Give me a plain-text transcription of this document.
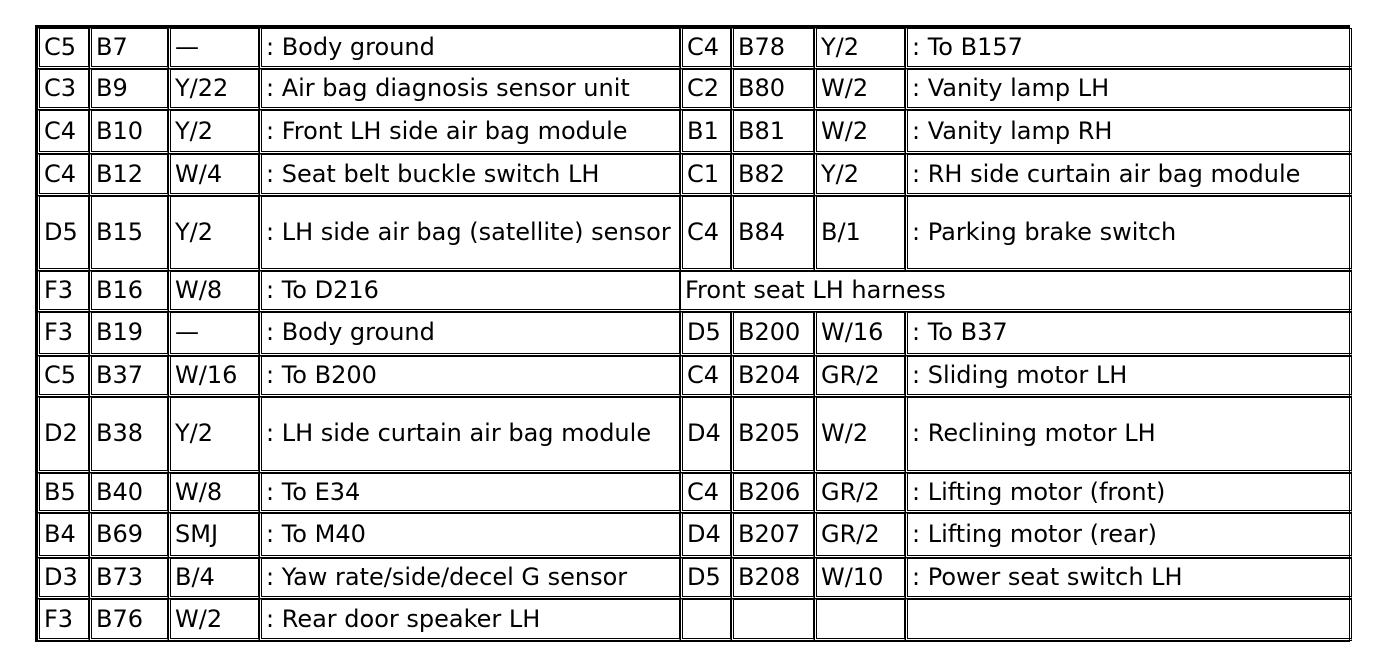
C5	B7	—	: Body ground	C4	B78	Y/2	: To B157
C3	B9	Y/22	: Air bag diagnosis sensor unit	C2	B80	W/2	: Vanity lamp LH
C4	B10	Y/2	: Front LH side air bag module	B1	B81	W/2	: Vanity lamp RH
C4	B12	W/4	: Seat belt buckle switch LH	C1	B82	Y/2	: RH side curtain air bag module
D5	B15	Y/2	: LH side air bag (satellite) sensor	C4	B84	B/1	: Parking brake switch
F3	B16	W/8	: To D216	Front seat LH harness			
F3	B19	—	: Body ground	D5	B200	W/16	: To B37
C5	B37	W/16	: To B200	C4	B204	GR/2	: Sliding motor LH
D2	B38	Y/2	: LH side curtain air bag module	D4	B205	W/2	: Reclining motor LH
B5	B40	W/8	: To E34	C4	B206	GR/2	: Lifting motor (front)
B4	B69	SMJ	: To M40	D4	B207	GR/2	: Lifting motor (rear)
D3	B73	B/4	: Yaw rate/side/decel G sensor	D5	B208	W/10	: Power seat switch LH
F3	B76	W/2	: Rear door speaker LH				
